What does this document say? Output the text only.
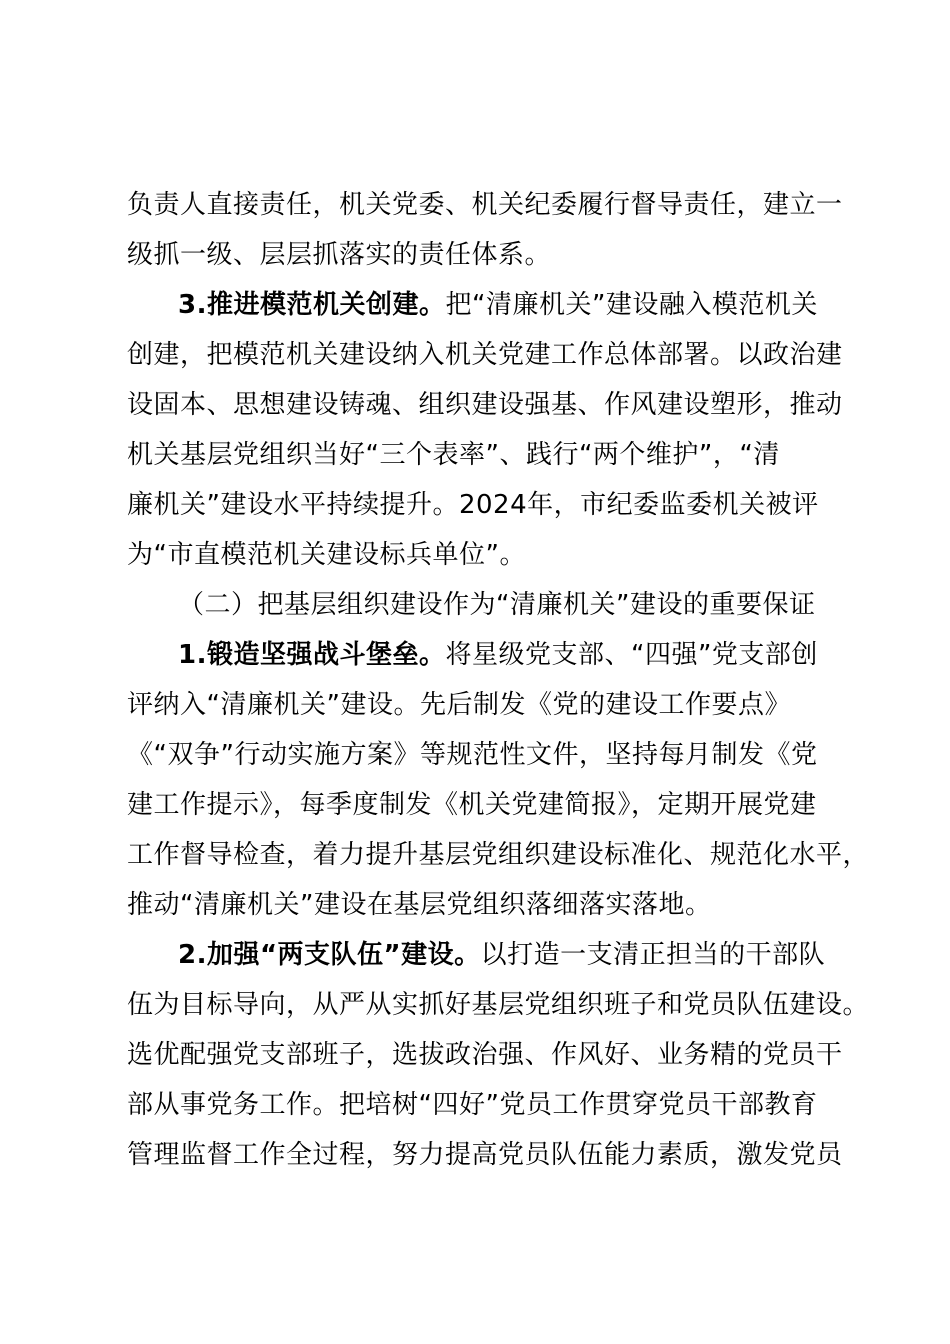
负责人直接责任，机关党委、机关纪委履行督导责任，建立一
级抓一级、层层抓落实的责任体系。
3.推进模范机关创建。把“清廉机关”建设融入模范机关
创建，把模范机关建设纳入机关党建工作总体部署。以政治建
设固本、思想建设铸魂、组织建设强基、作风建设塑形，推动
机关基层党组织当好“三个表率”、践行“两个维护”，“清
廉机关”建设水平持续提升。2024年，市纪委监委机关被评
为“市直模范机关建设标兵单位”。
（二）把基层组织建设作为“清廉机关”建设的重要保证
1.锻造坚强战斗堡垒。将星级党支部、“四强”党支部创
评纳入“清廉机关”建设。先后制发《党的建设工作要点》
《“双争”行动实施方案》等规范性文件，坚持每月制发《党
建工作提示》，每季度制发《机关党建简报》，定期开展党建
工作督导检查，着力提升基层党组织建设标准化、规范化水平，
推动“清廉机关”建设在基层党组织落细落实落地。
2.加强“两支队伍”建设。以打造一支清正担当的干部队
伍为目标导向，从严从实抓好基层党组织班子和党员队伍建设。
选优配强党支部班子，选拔政治强、作风好、业务精的党员干
部从事党务工作。把培树“四好”党员工作贯穿党员干部教育
管理监督工作全过程，努力提高党员队伍能力素质，激发党员
